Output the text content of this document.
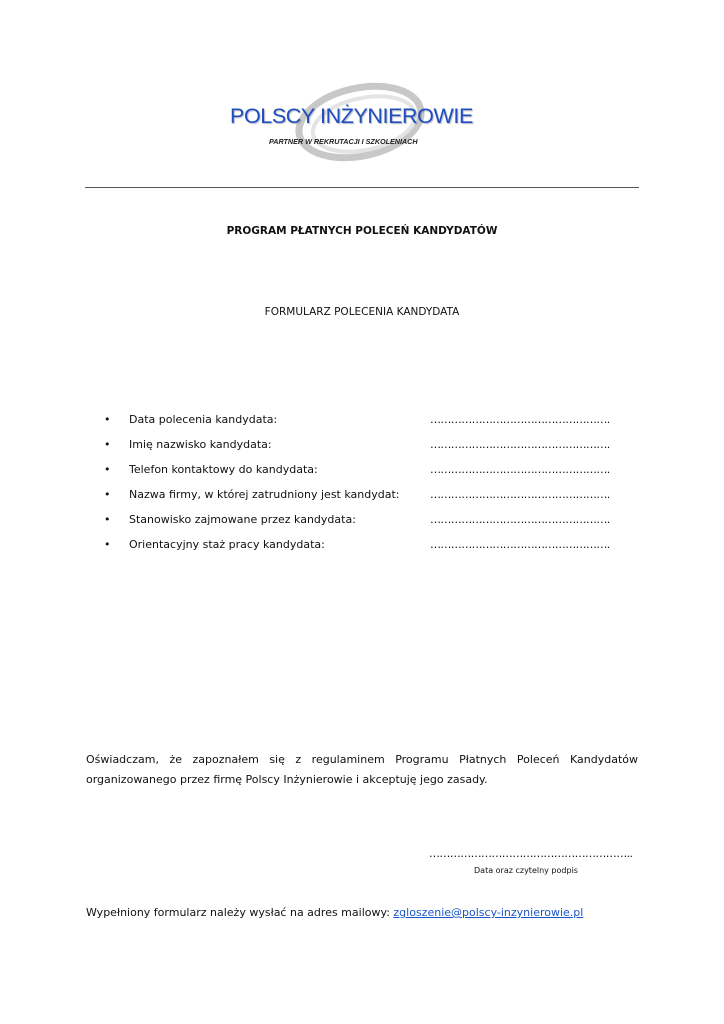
POLSCY INŻYNIEROWIE
PARTNER W REKRUTACJI I SZKOLENIACH
PROGRAM PŁATNYCH POLECEŃ KANDYDATÓW
FORMULARZ POLECENIA KANDYDATA
• Data polecenia kandydata:	…………………………………………….
• Imię nazwisko kandydata:	…………………………………………….
• Telefon kontaktowy do kandydata:	…………………………………………….
• Nazwa firmy, w której zatrudniony jest kandydat:	…………………………………………….
• Stanowisko zajmowane przez kandydata:	…………………………………………….
• Orientacyjny staż pracy kandydata:	…………………………………………….
Oświadczam, że zapoznałem się z regulaminem Programu Płatnych Poleceń Kandydatów organizowanego przez firmę Polscy Inżynierowie i akceptuję jego zasady.
…………………………………………………..
Data oraz czytelny podpis
Wypełniony formularz należy wysłać na adres mailowy: zgloszenie@polscy-inzynierowie.pl
